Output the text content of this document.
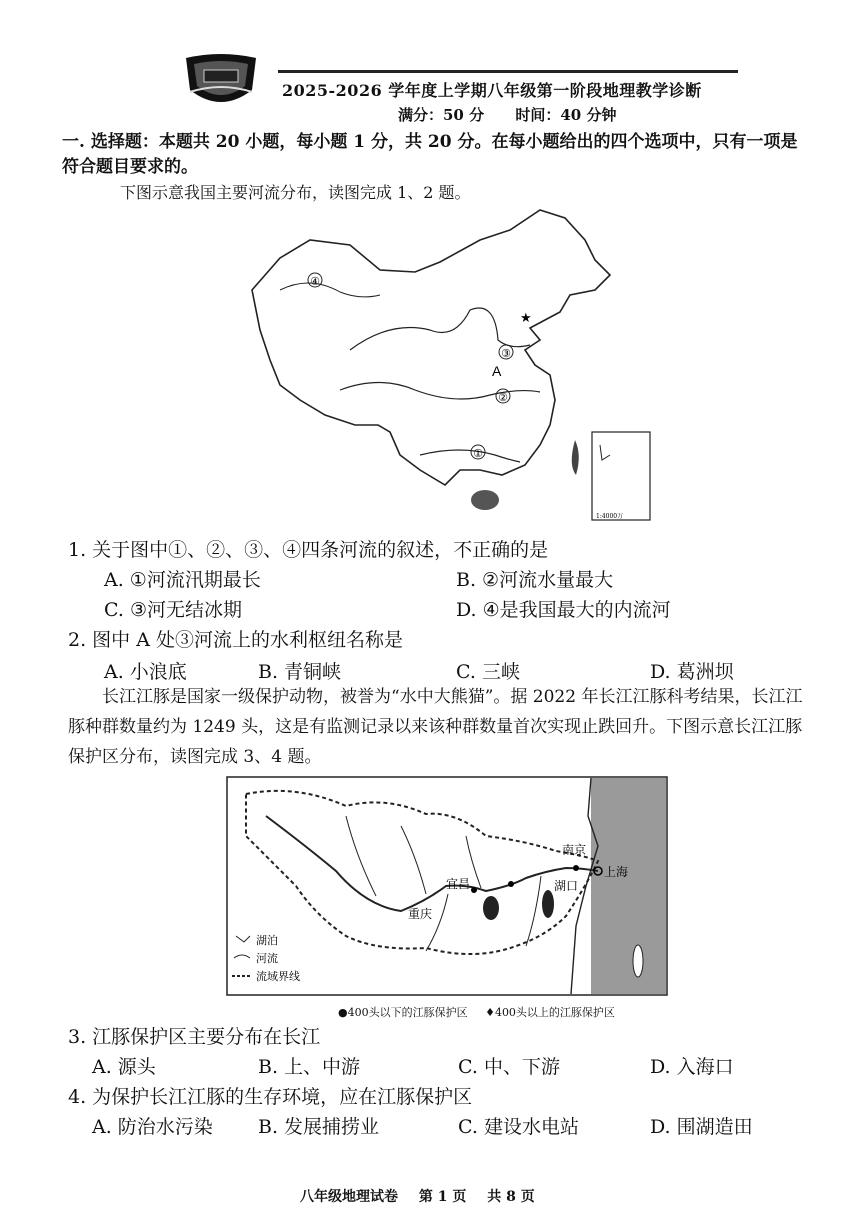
2025-2026 学年度上学期八年级第一阶段地理教学诊断
满分：50 分 时间：40 分钟
一. 选择题：本题共 20 小题，每小题 1 分，共 20 分。在每小题给出的四个选项中，只有一项是符合题目要求的。
下图示意我国主要河流分布，读图完成 1、2 题。
④
③
②
①
A
★
1:4000万
1. 关于图中①、②、③、④四条河流的叙述，不正确的是
A. ①河流汛期最长	B. ②河流水量最大
C. ③河无结冰期	D. ④是我国最大的内流河
2. 图中 A 处③河流上的水利枢纽名称是
A. 小浪底	B. 青铜峡	C. 三峡	D. 葛洲坝
长江江豚是国家一级保护动物，被誉为“水中大熊猫”。据 2022 年长江江豚科考结果，长江江豚种群数量约为 1249 头，这是有监测记录以来该种群数量首次实现止跌回升。下图示意长江江豚保护区分布，读图完成 3、4 题。
重庆
宜昌	湖口
南京
上海
湖泊
河流
流域界线
●400头以下的江豚保护区 ♦400头以上的江豚保护区
3. 江豚保护区主要分布在长江
A. 源头	B. 上、中游	C. 中、下游	D. 入海口
4. 为保护长江江豚的生存环境，应在江豚保护区
A. 防治水污染 B. 发展捕捞业	C. 建设水电站	D. 围湖造田
八年级地理试卷 第 1 页 共 8 页
